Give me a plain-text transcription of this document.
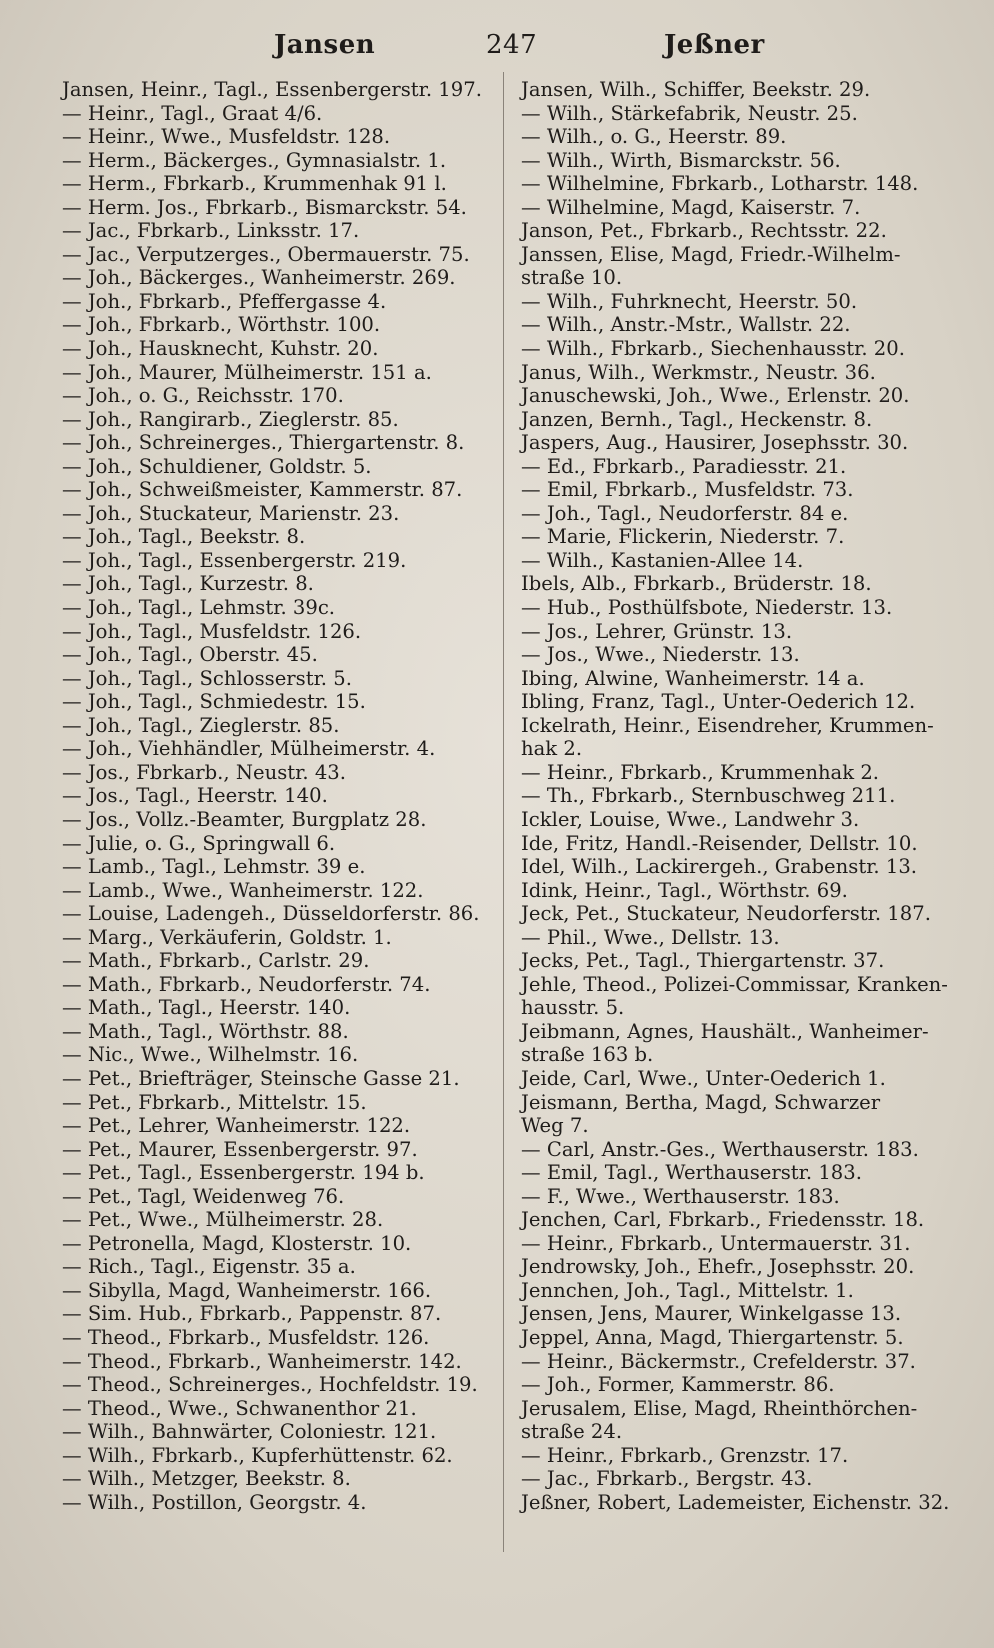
Jansen	247	Jeßner
Jansen, Heinr., Tagl., Essenbergerstr. 197.
— Heinr., Tagl., Graat 4/6.
— Heinr., Wwe., Musfeldstr. 128.
— Herm., Bäckerges., Gymnasialstr. 1.
— Herm., Fbrkarb., Krummenhak 91 l.
— Herm. Jos., Fbrkarb., Bismarckstr. 54.
— Jac., Fbrkarb., Linksstr. 17.
— Jac., Verputzerges., Obermauerstr. 75.
— Joh., Bäckerges., Wanheimerstr. 269.
— Joh., Fbrkarb., Pfeffergasse 4.
— Joh., Fbrkarb., Wörthstr. 100.
— Joh., Hausknecht, Kuhstr. 20.
— Joh., Maurer, Mülheimerstr. 151 a.
— Joh., o. G., Reichsstr. 170.
— Joh., Rangirarb., Zieglerstr. 85.
— Joh., Schreinerges., Thiergartenstr. 8.
— Joh., Schuldiener, Goldstr. 5.
— Joh., Schweißmeister, Kammerstr. 87.
— Joh., Stuckateur, Marienstr. 23.
— Joh., Tagl., Beekstr. 8.
— Joh., Tagl., Essenbergerstr. 219.
— Joh., Tagl., Kurzestr. 8.
— Joh., Tagl., Lehmstr. 39c.
— Joh., Tagl., Musfeldstr. 126.
— Joh., Tagl., Oberstr. 45.
— Joh., Tagl., Schlosserstr. 5.
— Joh., Tagl., Schmiedestr. 15.
— Joh., Tagl., Zieglerstr. 85.
— Joh., Viehhändler, Mülheimerstr. 4.
— Jos., Fbrkarb., Neustr. 43.
— Jos., Tagl., Heerstr. 140.
— Jos., Vollz.-Beamter, Burgplatz 28.
— Julie, o. G., Springwall 6.
— Lamb., Tagl., Lehmstr. 39 e.
— Lamb., Wwe., Wanheimerstr. 122.
— Louise, Ladengeh., Düsseldorferstr. 86.
— Marg., Verkäuferin, Goldstr. 1.
— Math., Fbrkarb., Carlstr. 29.
— Math., Fbrkarb., Neudorferstr. 74.
— Math., Tagl., Heerstr. 140.
— Math., Tagl., Wörthstr. 88.
— Nic., Wwe., Wilhelmstr. 16.
— Pet., Briefträger, Steinsche Gasse 21.
— Pet., Fbrkarb., Mittelstr. 15.
— Pet., Lehrer, Wanheimerstr. 122.
— Pet., Maurer, Essenbergerstr. 97.
— Pet., Tagl., Essenbergerstr. 194 b.
— Pet., Tagl, Weidenweg 76.
— Pet., Wwe., Mülheimerstr. 28.
— Petronella, Magd, Klosterstr. 10.
— Rich., Tagl., Eigenstr. 35 a.
— Sibylla, Magd, Wanheimerstr. 166.
— Sim. Hub., Fbrkarb., Pappenstr. 87.
— Theod., Fbrkarb., Musfeldstr. 126.
— Theod., Fbrkarb., Wanheimerstr. 142.
— Theod., Schreinerges., Hochfeldstr. 19.
— Theod., Wwe., Schwanenthor 21.
— Wilh., Bahnwärter, Coloniestr. 121.
— Wilh., Fbrkarb., Kupferhüttenstr. 62.
— Wilh., Metzger, Beekstr. 8.
— Wilh., Postillon, Georgstr. 4.
Jansen, Wilh., Schiffer, Beekstr. 29.
— Wilh., Stärkefabrik, Neustr. 25.
— Wilh., o. G., Heerstr. 89.
— Wilh., Wirth, Bismarckstr. 56.
— Wilhelmine, Fbrkarb., Lotharstr. 148.
— Wilhelmine, Magd, Kaiserstr. 7.
Janson, Pet., Fbrkarb., Rechtsstr. 22.
Janssen, Elise, Magd, Friedr.-Wilhelm-
straße 10.
— Wilh., Fuhrknecht, Heerstr. 50.
— Wilh., Anstr.-Mstr., Wallstr. 22.
— Wilh., Fbrkarb., Siechenhausstr. 20.
Janus, Wilh., Werkmstr., Neustr. 36.
Januschewski, Joh., Wwe., Erlenstr. 20.
Janzen, Bernh., Tagl., Heckenstr. 8.
Jaspers, Aug., Hausirer, Josephsstr. 30.
— Ed., Fbrkarb., Paradiesstr. 21.
— Emil, Fbrkarb., Musfeldstr. 73.
— Joh., Tagl., Neudorferstr. 84 e.
— Marie, Flickerin, Niederstr. 7.
— Wilh., Kastanien-Allee 14.
Ibels, Alb., Fbrkarb., Brüderstr. 18.
— Hub., Posthülfsbote, Niederstr. 13.
— Jos., Lehrer, Grünstr. 13.
— Jos., Wwe., Niederstr. 13.
Ibing, Alwine, Wanheimerstr. 14 a.
Ibling, Franz, Tagl., Unter-Oederich 12.
Ickelrath, Heinr., Eisendreher, Krummen-
hak 2.
— Heinr., Fbrkarb., Krummenhak 2.
— Th., Fbrkarb., Sternbuschweg 211.
Ickler, Louise, Wwe., Landwehr 3.
Ide, Fritz, Handl.-Reisender, Dellstr. 10.
Idel, Wilh., Lackirergeh., Grabenstr. 13.
Idink, Heinr., Tagl., Wörthstr. 69.
Jeck, Pet., Stuckateur, Neudorferstr. 187.
— Phil., Wwe., Dellstr. 13.
Jecks, Pet., Tagl., Thiergartenstr. 37.
Jehle, Theod., Polizei-Commissar, Kranken-
hausstr. 5.
Jeibmann, Agnes, Haushält., Wanheimer-
straße 163 b.
Jeide, Carl, Wwe., Unter-Oederich 1.
Jeismann, Bertha, Magd, Schwarzer
Weg 7.
— Carl, Anstr.-Ges., Werthauserstr. 183.
— Emil, Tagl., Werthauserstr. 183.
— F., Wwe., Werthauserstr. 183.
Jenchen, Carl, Fbrkarb., Friedensstr. 18.
— Heinr., Fbrkarb., Untermauerstr. 31.
Jendrowsky, Joh., Ehefr., Josephsstr. 20.
Jennchen, Joh., Tagl., Mittelstr. 1.
Jensen, Jens, Maurer, Winkelgasse 13.
Jeppel, Anna, Magd, Thiergartenstr. 5.
— Heinr., Bäckermstr., Crefelderstr. 37.
— Joh., Former, Kammerstr. 86.
Jerusalem, Elise, Magd, Rheinthörchen-
straße 24.
— Heinr., Fbrkarb., Grenzstr. 17.
— Jac., Fbrkarb., Bergstr. 43.
Jeßner, Robert, Lademeister, Eichenstr. 32.
